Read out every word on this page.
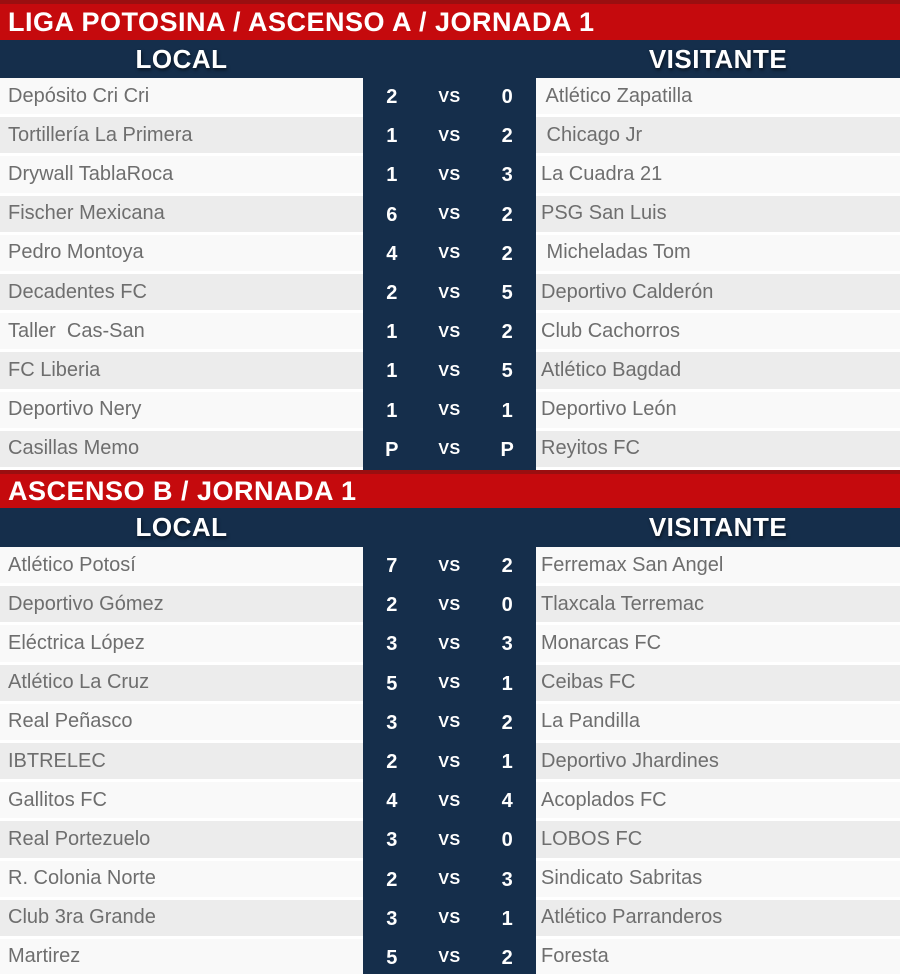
LIGA POTOSINA / ASCENSO A / JORNADA 1
LOCAL	VISITANTE
Depósito Cri Cri	2	VS	0	Atlético Zapatilla
Tortillería La Primera	1	VS	2	Chicago Jr
Drywall TablaRoca	1	VS	3	La Cuadra 21
Fischer Mexicana	6	VS	2	PSG San Luis
Pedro Montoya	4	VS	2	Micheladas Tom
Decadentes FC	2	VS	5	Deportivo Calderón
Taller  Cas-San	1	VS	2	Club Cachorros
FC Liberia	1	VS	5	Atlético Bagdad
Deportivo Nery	1	VS	1	Deportivo León
Casillas Memo	P	VS	P	Reyitos FC
ASCENSO B / JORNADA 1
LOCAL	VISITANTE
Atlético Potosí	7	VS	2	Ferremax San Angel
Deportivo Gómez	2	VS	0	Tlaxcala Terremac
Eléctrica López	3	VS	3	Monarcas FC
Atlético La Cruz	5	VS	1	Ceibas FC
Real Peñasco	3	VS	2	La Pandilla
IBTRELEC	2	VS	1	Deportivo Jhardines
Gallitos FC	4	VS	4	Acoplados FC
Real Portezuelo	3	VS	0	LOBOS FC
R. Colonia Norte	2	VS	3	Sindicato Sabritas
Club 3ra Grande	3	VS	1	Atlético Parranderos
Martirez	5	VS	2	Foresta
